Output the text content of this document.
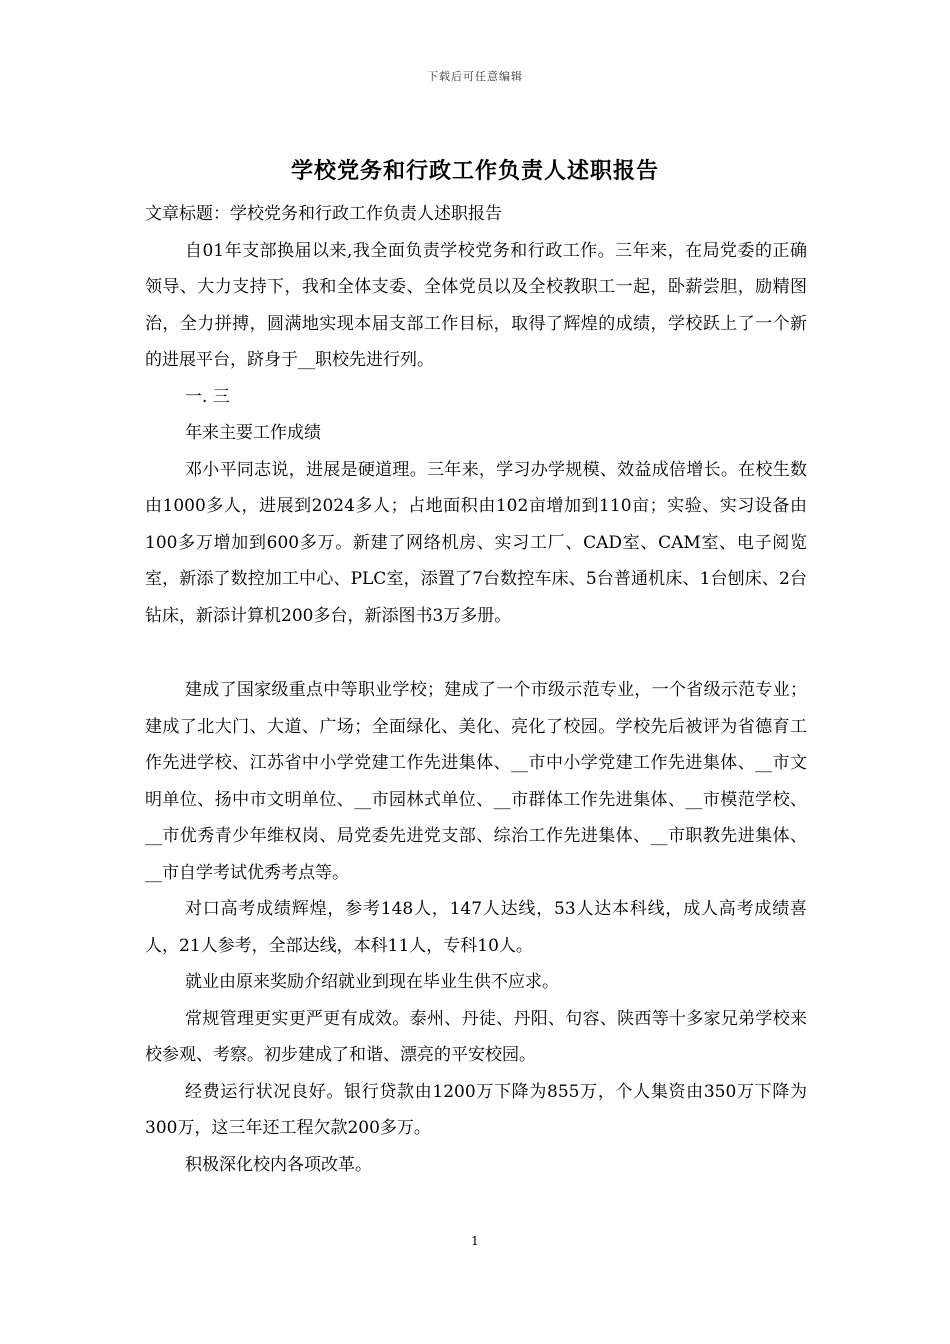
下载后可任意编辑
学校党务和行政工作负责人述职报告

文章标题：学校党务和行政工作负责人述职报告

自01年支部换届以来,我全面负责学校党务和行政工作。三年来，在局党委的正确领导、大力支持下，我和全体支委、全体党员以及全校教职工一起，卧薪尝胆，励精图治，全力拼搏，圆满地实现本届支部工作目标，取得了辉煌的成绩，学校跃上了一个新的进展平台，跻身于__职校先进行列。

一. 三

年来主要工作成绩

邓小平同志说，进展是硬道理。三年来，学习办学规模、效益成倍增长。在校生数由1000多人，进展到2024多人；占地面积由102亩增加到110亩；实验、实习设备由100多万增加到600多万。新建了网络机房、实习工厂、CAD室、CAM室、电子阅览室，新添了数控加工中心、PLC室，添置了7台数控车床、5台普通机床、1台刨床、2台钻床，新添计算机200多台，新添图书3万多册。

建成了国家级重点中等职业学校；建成了一个市级示范专业，一个省级示范专业；建成了北大门、大道、广场；全面绿化、美化、亮化了校园。学校先后被评为省德育工作先进学校、江苏省中小学党建工作先进集体、__市中小学党建工作先进集体、__市文明单位、扬中市文明单位、__市园林式单位、__市群体工作先进集体、__市模范学校、__市优秀青少年维权岗、局党委先进党支部、综治工作先进集体、__市职教先进集体、__市自学考试优秀考点等。

对口高考成绩辉煌，参考148人，147人达线，53人达本科线，成人高考成绩喜人，21人参考，全部达线，本科11人，专科10人。

就业由原来奖励介绍就业到现在毕业生供不应求。

常规管理更实更严更有成效。泰州、丹徒、丹阳、句容、陕西等十多家兄弟学校来校参观、考察。初步建成了和谐、漂亮的平安校园。

经费运行状况良好。银行贷款由1200万下降为855万，个人集资由350万下降为300万，这三年还工程欠款200多万。

积极深化校内各项改革。

1
